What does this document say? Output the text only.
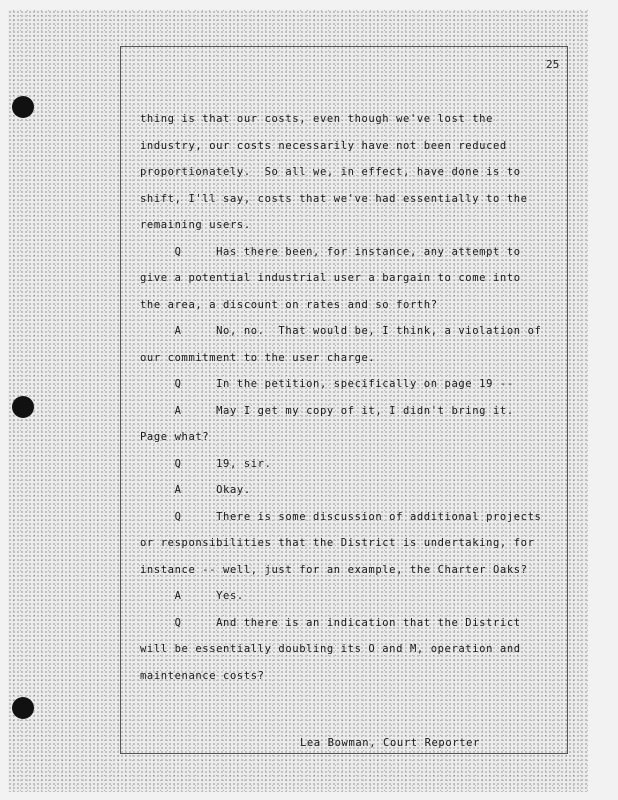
25
thing is that our costs, even though we've lost the
industry, our costs necessarily have not been reduced
proportionately.  So all we, in effect, have done is to
shift, I'll say, costs that we've had essentially to the
remaining users.
Q     Has there been, for instance, any attempt to
give a potential industrial user a bargain to come into
the area, a discount on rates and so forth?
A     No, no.  That would be, I think, a violation of
our commitment to the user charge.
Q     In the petition, specifically on page 19 --
A     May I get my copy of it, I didn't bring it.
Page what?
Q     19, sir.
A     Okay.
Q     There is some discussion of additional projects
or responsibilities that the District is undertaking, for
instance -- well, just for an example, the Charter Oaks?
A     Yes.
Q     And there is an indication that the District
will be essentially doubling its O and M, operation and
maintenance costs?
Lea Bowman, Court Reporter
